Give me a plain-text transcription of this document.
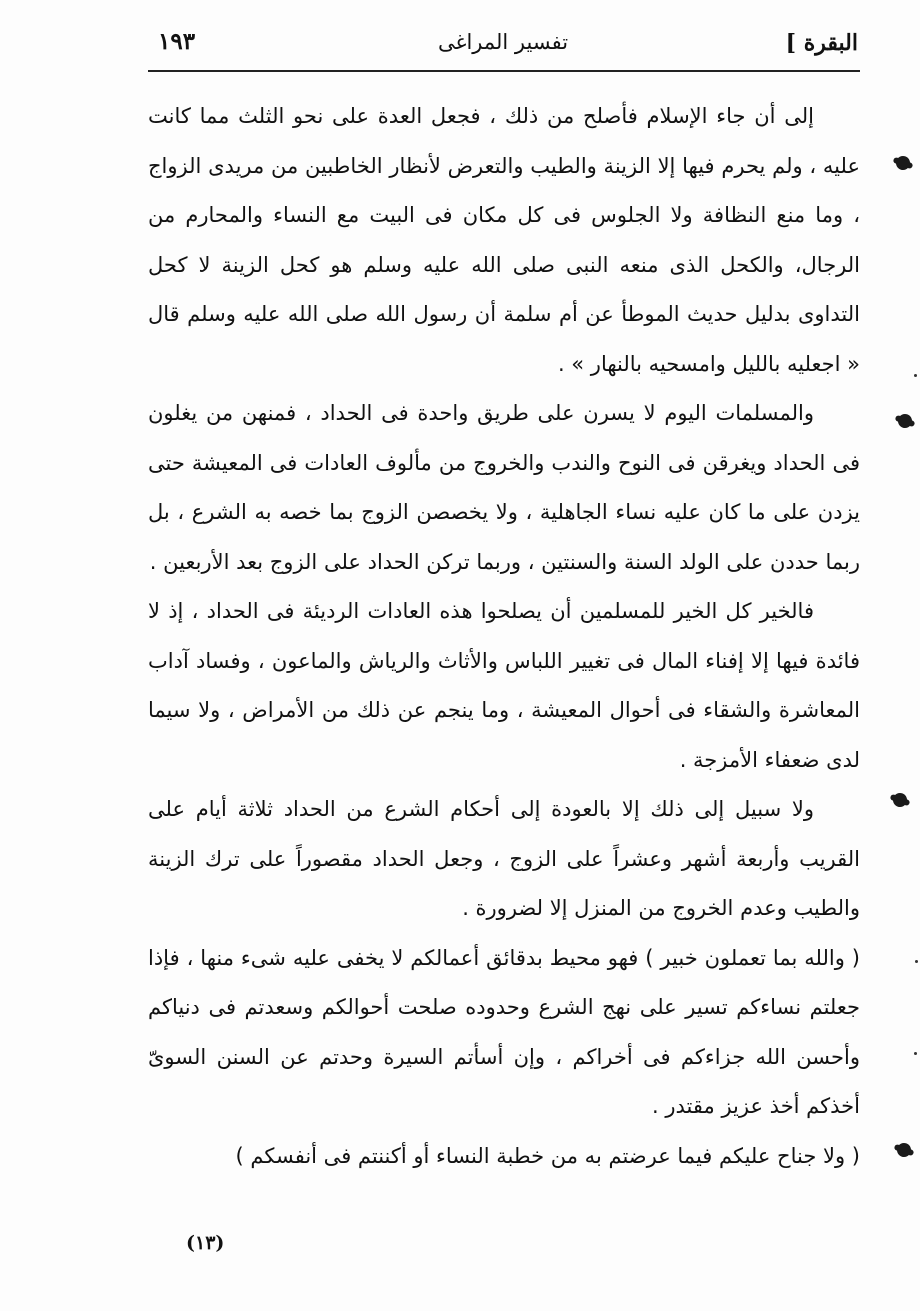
البقرة ]
تفسير المراغى
١٩٣

إلى أن جاء الإسلام فأصلح من ذلك ، فجعل العدة على نحو الثلث مما كانت عليه ، ولم يحرم فيها إلا الزينة والطيب والتعرض لأنظار الخاطبين من مريدى الزواج ، وما منع النظافة ولا الجلوس فى كل مكان فى البيت مع النساء والمحارم من الرجال، والكحل الذى منعه النبى صلى الله عليه وسلم هو كحل الزينة لا كحل التداوى بدليل حديث الموطأ عن أم سلمة أن رسول الله صلى الله عليه وسلم قال « اجعليه بالليل وامسحيه بالنهار » .

والمسلمات اليوم لا يسرن على طريق واحدة فى الحداد ، فمنهن من يغلون فى الحداد ويغرقن فى النوح والندب والخروج من مألوف العادات فى المعيشة حتى يزدن على ما كان عليه نساء الجاهلية ، ولا يخصصن الزوج بما خصه به الشرع ، بل ربما حددن على الولد السنة والسنتين ، وربما تركن الحداد على الزوج بعد الأربعين .

فالخير كل الخير للمسلمين أن يصلحوا هذه العادات الرديئة فى الحداد ، إذ لا فائدة فيها إلا إفناء المال فى تغيير اللباس والأثاث والرياش والماعون ، وفساد آداب المعاشرة والشقاء فى أحوال المعيشة ، وما ينجم عن ذلك من الأمراض ، ولا سيما لدى ضعفاء الأمزجة .

ولا سبيل إلى ذلك إلا بالعودة إلى أحكام الشرع من الحداد ثلاثة أيام على القريب وأربعة أشهر وعشراً على الزوج ، وجعل الحداد مقصوراً على ترك الزينة والطيب وعدم الخروج من المنزل إلا لضرورة .

( والله بما تعملون خبير ) فهو محيط بدقائق أعمالكم لا يخفى عليه شىء منها ، فإذا جعلتم نساءكم تسير على نهج الشرع وحدوده صلحت أحوالكم وسعدتم فى دنياكم وأحسن الله جزاءكم فى أخراكم ، وإن أسأتم السيرة وحدتم عن السنن السوىّ أخذكم أخذ عزيز مقتدر .

( ولا جناح عليكم فيما عرضتم به من خطبة النساء أو أكننتم فى أنفسكم )

(١٣)
